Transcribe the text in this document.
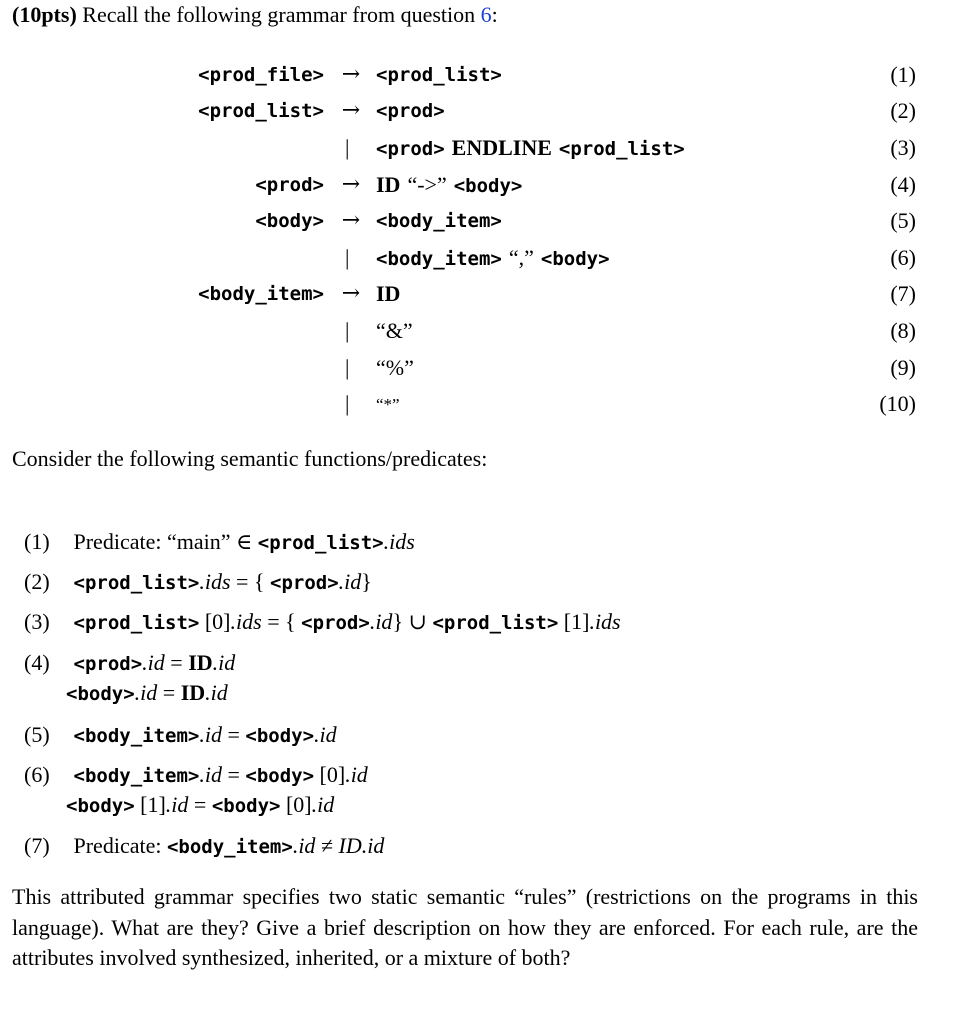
(10pts) Recall the following grammar from question 6:
<prod_file> → <prod_list>	(1)
<prod_list> → <prod>	(2)
| <prod> ENDLINE <prod_list>	(3)
<prod> → ID “->” <body>	(4)
<body> → <body_item>	(5)
| <body_item> “,” <body>	(6)
<body_item> → ID	(7)
| “&”	(8)
| “%”	(9)
| “*”	(10)
Consider the following semantic functions/predicates:
(1) Predicate: “main” ∈ <prod_list>.ids
(2) <prod_list>.ids = { <prod>.id}
(3) <prod_list> [0].ids = { <prod>.id} ∪ <prod_list> [1].ids
(4) <prod>.id = ID.id
<body>.id = ID.id
(5) <body_item>.id = <body>.id
(6) <body_item>.id = <body> [0].id
<body> [1].id = <body> [0].id
(7) Predicate: <body_item>.id ≠ ID.id
This attributed grammar specifies two static semantic “rules” (restrictions on the programs in this language). What are they? Give a brief description on how they are enforced. For each rule, are the attributes involved synthesized, inherited, or a mixture of both?
